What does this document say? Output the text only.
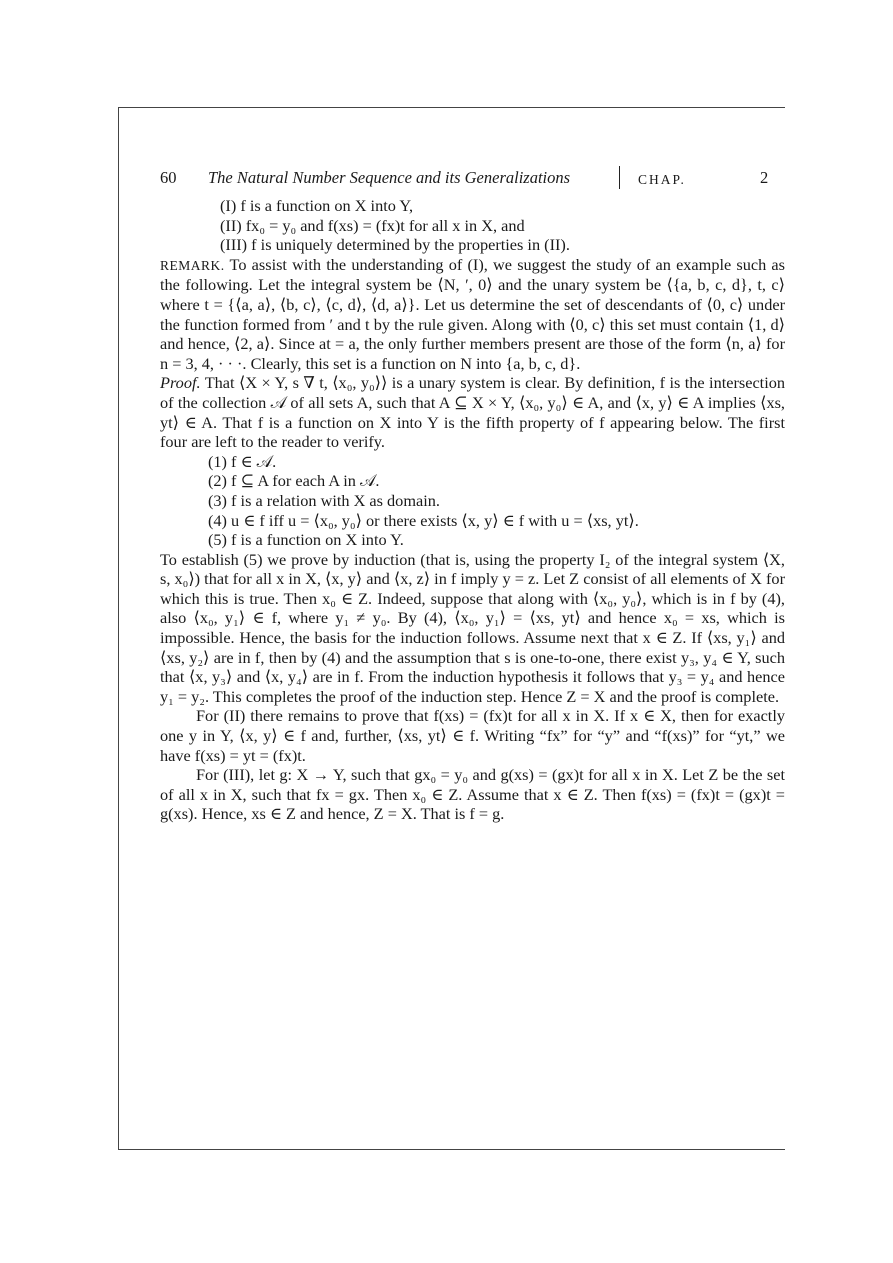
60 The Natural Number Sequence and its Generalizations	CHAP.	2

(I) f is a function on X into Y,

(II) fx₀ = y₀ and f(xs) = (fx)t for all x in X, and

(III) f is uniquely determined by the properties in (II).

REMARK. To assist with the understanding of (I), we suggest the study of an example such as the following. Let the integral system be ⟨N, ′, 0⟩ and the unary system be ⟨{a, b, c, d}, t, c⟩ where t = {⟨a, a⟩, ⟨b, c⟩, ⟨c, d⟩, ⟨d, a⟩}. Let us determine the set of descendants of ⟨0, c⟩ under the function formed from ′ and t by the rule given. Along with ⟨0, c⟩ this set must contain ⟨1, d⟩ and hence, ⟨2, a⟩. Since at = a, the only further members present are those of the form ⟨n, a⟩ for n = 3, 4, · · ·. Clearly, this set is a function on N into {a, b, c, d}.

Proof. That ⟨X × Y, s ∇ t, ⟨x₀, y₀⟩⟩ is a unary system is clear. By definition, f is the intersection of the collection 𝒜 of all sets A, such that A ⊆ X × Y, ⟨x₀, y₀⟩ ∈ A, and ⟨x, y⟩ ∈ A implies ⟨xs, yt⟩ ∈ A. That f is a function on X into Y is the fifth property of f appearing below. The first four are left to the reader to verify.

(1) f ∈ 𝒜.

(2) f ⊆ A for each A in 𝒜.

(3) f is a relation with X as domain.

(4) u ∈ f iff u = ⟨x₀, y₀⟩ or there exists ⟨x, y⟩ ∈ f with u = ⟨xs, yt⟩.

(5) f is a function on X into Y.

To establish (5) we prove by induction (that is, using the property I₂ of the integral system ⟨X, s, x₀⟩) that for all x in X, ⟨x, y⟩ and ⟨x, z⟩ in f imply y = z. Let Z consist of all elements of X for which this is true. Then x₀ ∈ Z. Indeed, suppose that along with ⟨x₀, y₀⟩, which is in f by (4), also ⟨x₀, y₁⟩ ∈ f, where y₁ ≠ y₀. By (4), ⟨x₀, y₁⟩ = ⟨xs, yt⟩ and hence x₀ = xs, which is impossible. Hence, the basis for the induction follows. Assume next that x ∈ Z. If ⟨xs, y₁⟩ and ⟨xs, y₂⟩ are in f, then by (4) and the assumption that s is one-to-one, there exist y₃, y₄ ∈ Y, such that ⟨x, y₃⟩ and ⟨x, y₄⟩ are in f. From the induction hypothesis it follows that y₃ = y₄ and hence y₁ = y₂. This completes the proof of the induction step. Hence Z = X and the proof is complete.

For (II) there remains to prove that f(xs) = (fx)t for all x in X. If x ∈ X, then for exactly one y in Y, ⟨x, y⟩ ∈ f and, further, ⟨xs, yt⟩ ∈ f. Writing “fx” for “y” and “f(xs)” for “yt,” we have f(xs) = yt = (fx)t.

For (III), let g: X → Y, such that gx₀ = y₀ and g(xs) = (gx)t for all x in X. Let Z be the set of all x in X, such that fx = gx. Then x₀ ∈ Z. Assume that x ∈ Z. Then f(xs) = (fx)t = (gx)t = g(xs). Hence, xs ∈ Z and hence, Z = X. That is f = g.
